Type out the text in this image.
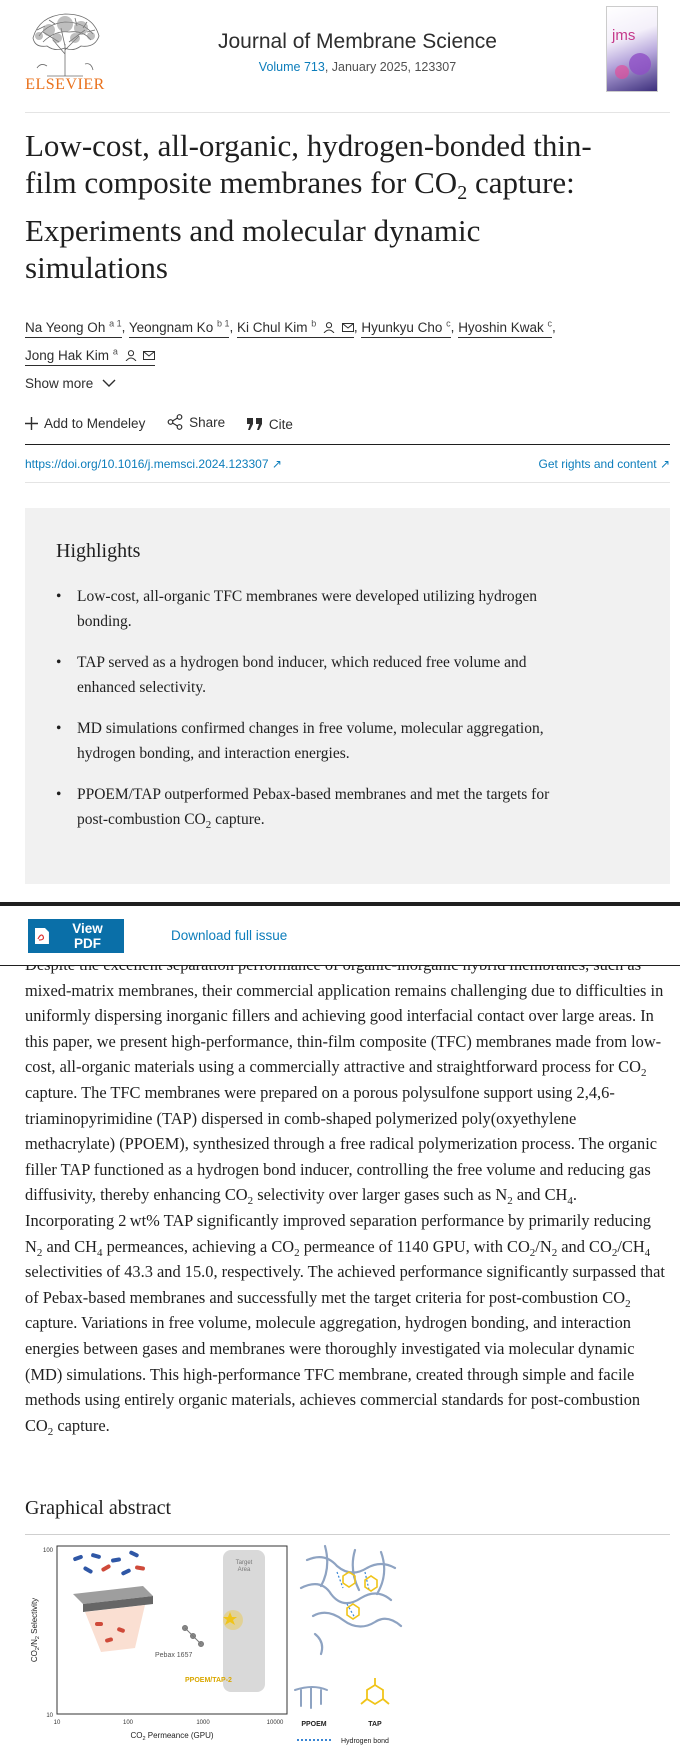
ELSEVIER
Journal of Membrane Science
Volume 713, January 2025, 123307
jms
Low-cost, all-organic, hydrogen-bonded thin-film composite membranes for $CO_2$ capture: Experiments and molecular dynamic simulations
Na Yeong Oh $^{a 1}$, Yeongnam Ko $^{b 1}$, Ki Chul Kim $^b$	, Hyunkyu Cho $^c$, Hyoshin Kwak $^c$,
Jong Hak Kim $^a$
Show more
Add to Mendeley
	Share
	Cite
https://doi.org/10.1016/j.memsci.2024.123307 ↗	Get rights and content ↗
Highlights
• Low-cost, all-organic TFC membranes were developed utilizing hydrogen bonding.
• TAP served as a hydrogen bond inducer, which reduced free volume and enhanced selectivity.
• MD simulations confirmed changes in free volume, molecular aggregation, hydrogen bonding, and interaction energies.
• PPOEM/TAP outperformed Pebax-based membranes and met the targets for post-combustion $CO_2$ capture.
View PDF
Download full issue

mixed-matrix membranes, their commercial application remains challenging due to difficulties in uniformly dispersing inorganic fillers and achieving good interfacial contact over large areas. In this paper, we present high-performance, thin-film composite (TFC) membranes made from low-cost, all-organic materials using a commercially attractive and straightforward process for $CO_2$ capture. The TFC membranes were prepared on a porous polysulfone support using 2,4,6-triaminopyrimidine (TAP) dispersed in comb-shaped polymerized poly(oxyethylene methacrylate) (PPOEM), synthesized through a free radical polymerization process. The organic filler TAP functioned as a hydrogen bond inducer, controlling the free volume and reducing gas diffusivity, thereby enhancing $CO_2$ selectivity over larger gases such as $N_2$ and $CH_4$. Incorporating 2 wt% TAP significantly improved separation performance by primarily reducing $N_2$ and $CH_4$ permeances, achieving a $CO_2$ permeance of 1140 GPU, with $CO_2/N_2$ and $CO_2/CH_4$ selectivities of 43.3 and 15.0, respectively. The achieved performance significantly surpassed that of Pebax-based membranes and successfully met the target criteria for post-combustion $CO_2$ capture. Variations in free volume, molecule aggregation, hydrogen bonding, and interaction energies between gases and membranes were thoroughly investigated via molecular dynamic (MD) simulations. This high-performance TFC membrane, created through simple and facile methods using entirely organic materials, achieves commercial standards for post-combustion $CO_2$ capture.

Graphical abstract
Target
Area
Pebax 1657
PPOEM/TAP-2
100
10
10	100	1000	10000
$CO_2$ Permeance (GPU)
$CO_2/N_2$ Selectivity
PPOEM	TAP
Hydrogen bond
